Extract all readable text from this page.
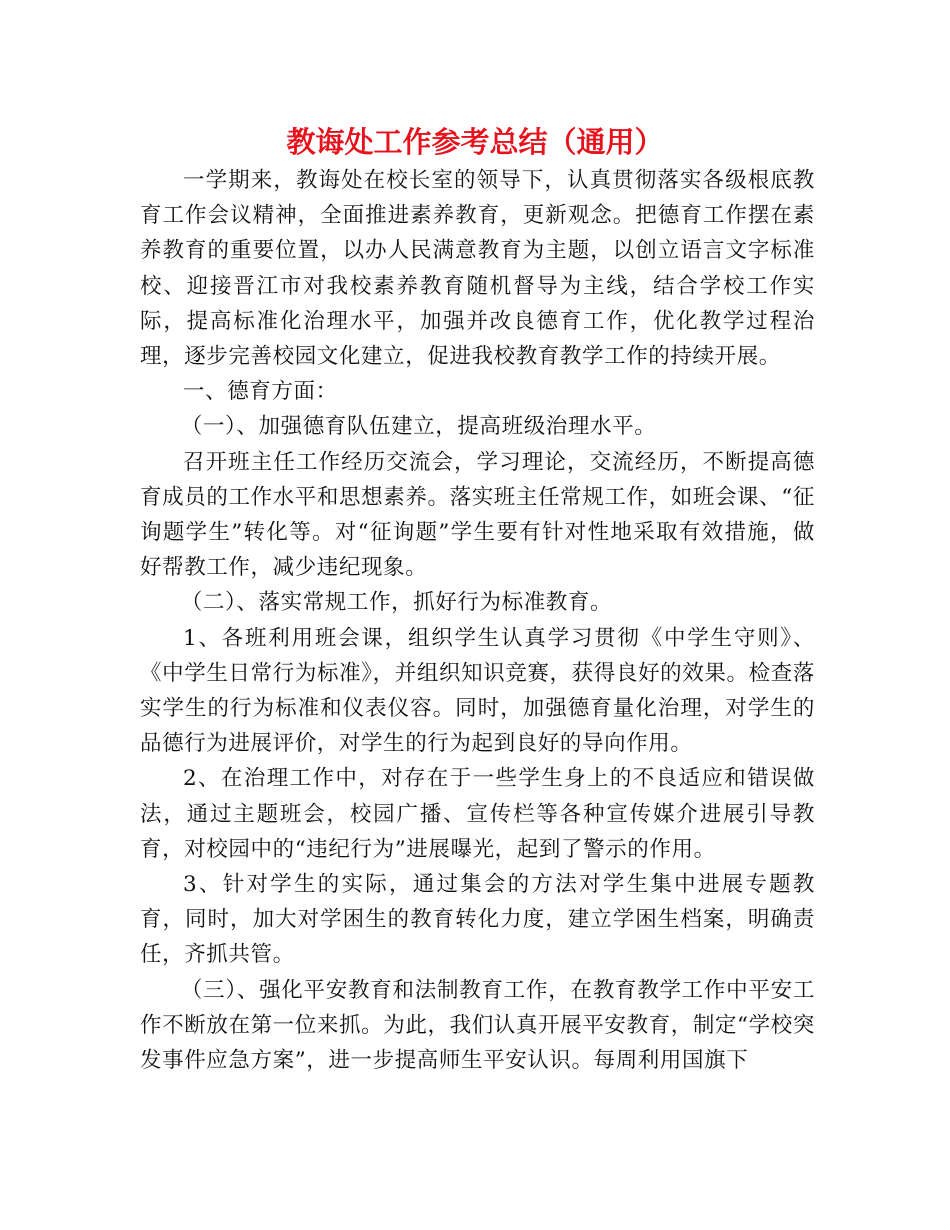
教诲处工作参考总结（通用）

一学期来，教诲处在校长室的领导下，认真贯彻落实各级根底教育工作会议精神，全面推进素养教育，更新观念。把德育工作摆在素养教育的重要位置，以办人民满意教育为主题，以创立语言文字标准校、迎接晋江市对我校素养教育随机督导为主线，结合学校工作实际，提高标准化治理水平，加强并改良德育工作，优化教学过程治理，逐步完善校园文化建立，促进我校教育教学工作的持续开展。

一、德育方面：

（一）、加强德育队伍建立，提高班级治理水平。

召开班主任工作经历交流会，学习理论，交流经历，不断提高德育成员的工作水平和思想素养。落实班主任常规工作，如班会课、“征询题学生”转化等。对“征询题”学生要有针对性地采取有效措施，做好帮教工作，减少违纪现象。

（二）、落实常规工作，抓好行为标准教育。

1、各班利用班会课，组织学生认真学习贯彻《中学生守则》、《中学生日常行为标准》，并组织知识竞赛，获得良好的效果。检查落实学生的行为标准和仪表仪容。同时，加强德育量化治理，对学生的品德行为进展评价，对学生的行为起到良好的导向作用。

2、在治理工作中，对存在于一些学生身上的不良适应和错误做法，通过主题班会，校园广播、宣传栏等各种宣传媒介进展引导教育，对校园中的“违纪行为”进展曝光，起到了警示的作用。

3、针对学生的实际，通过集会的方法对学生集中进展专题教育，同时，加大对学困生的教育转化力度，建立学困生档案，明确责任，齐抓共管。

（三）、强化平安教育和法制教育工作，在教育教学工作中平安工作不断放在第一位来抓。为此，我们认真开展平安教育，制定“学校突发事件应急方案”，进一步提高师生平安认识。每周利用国旗下
